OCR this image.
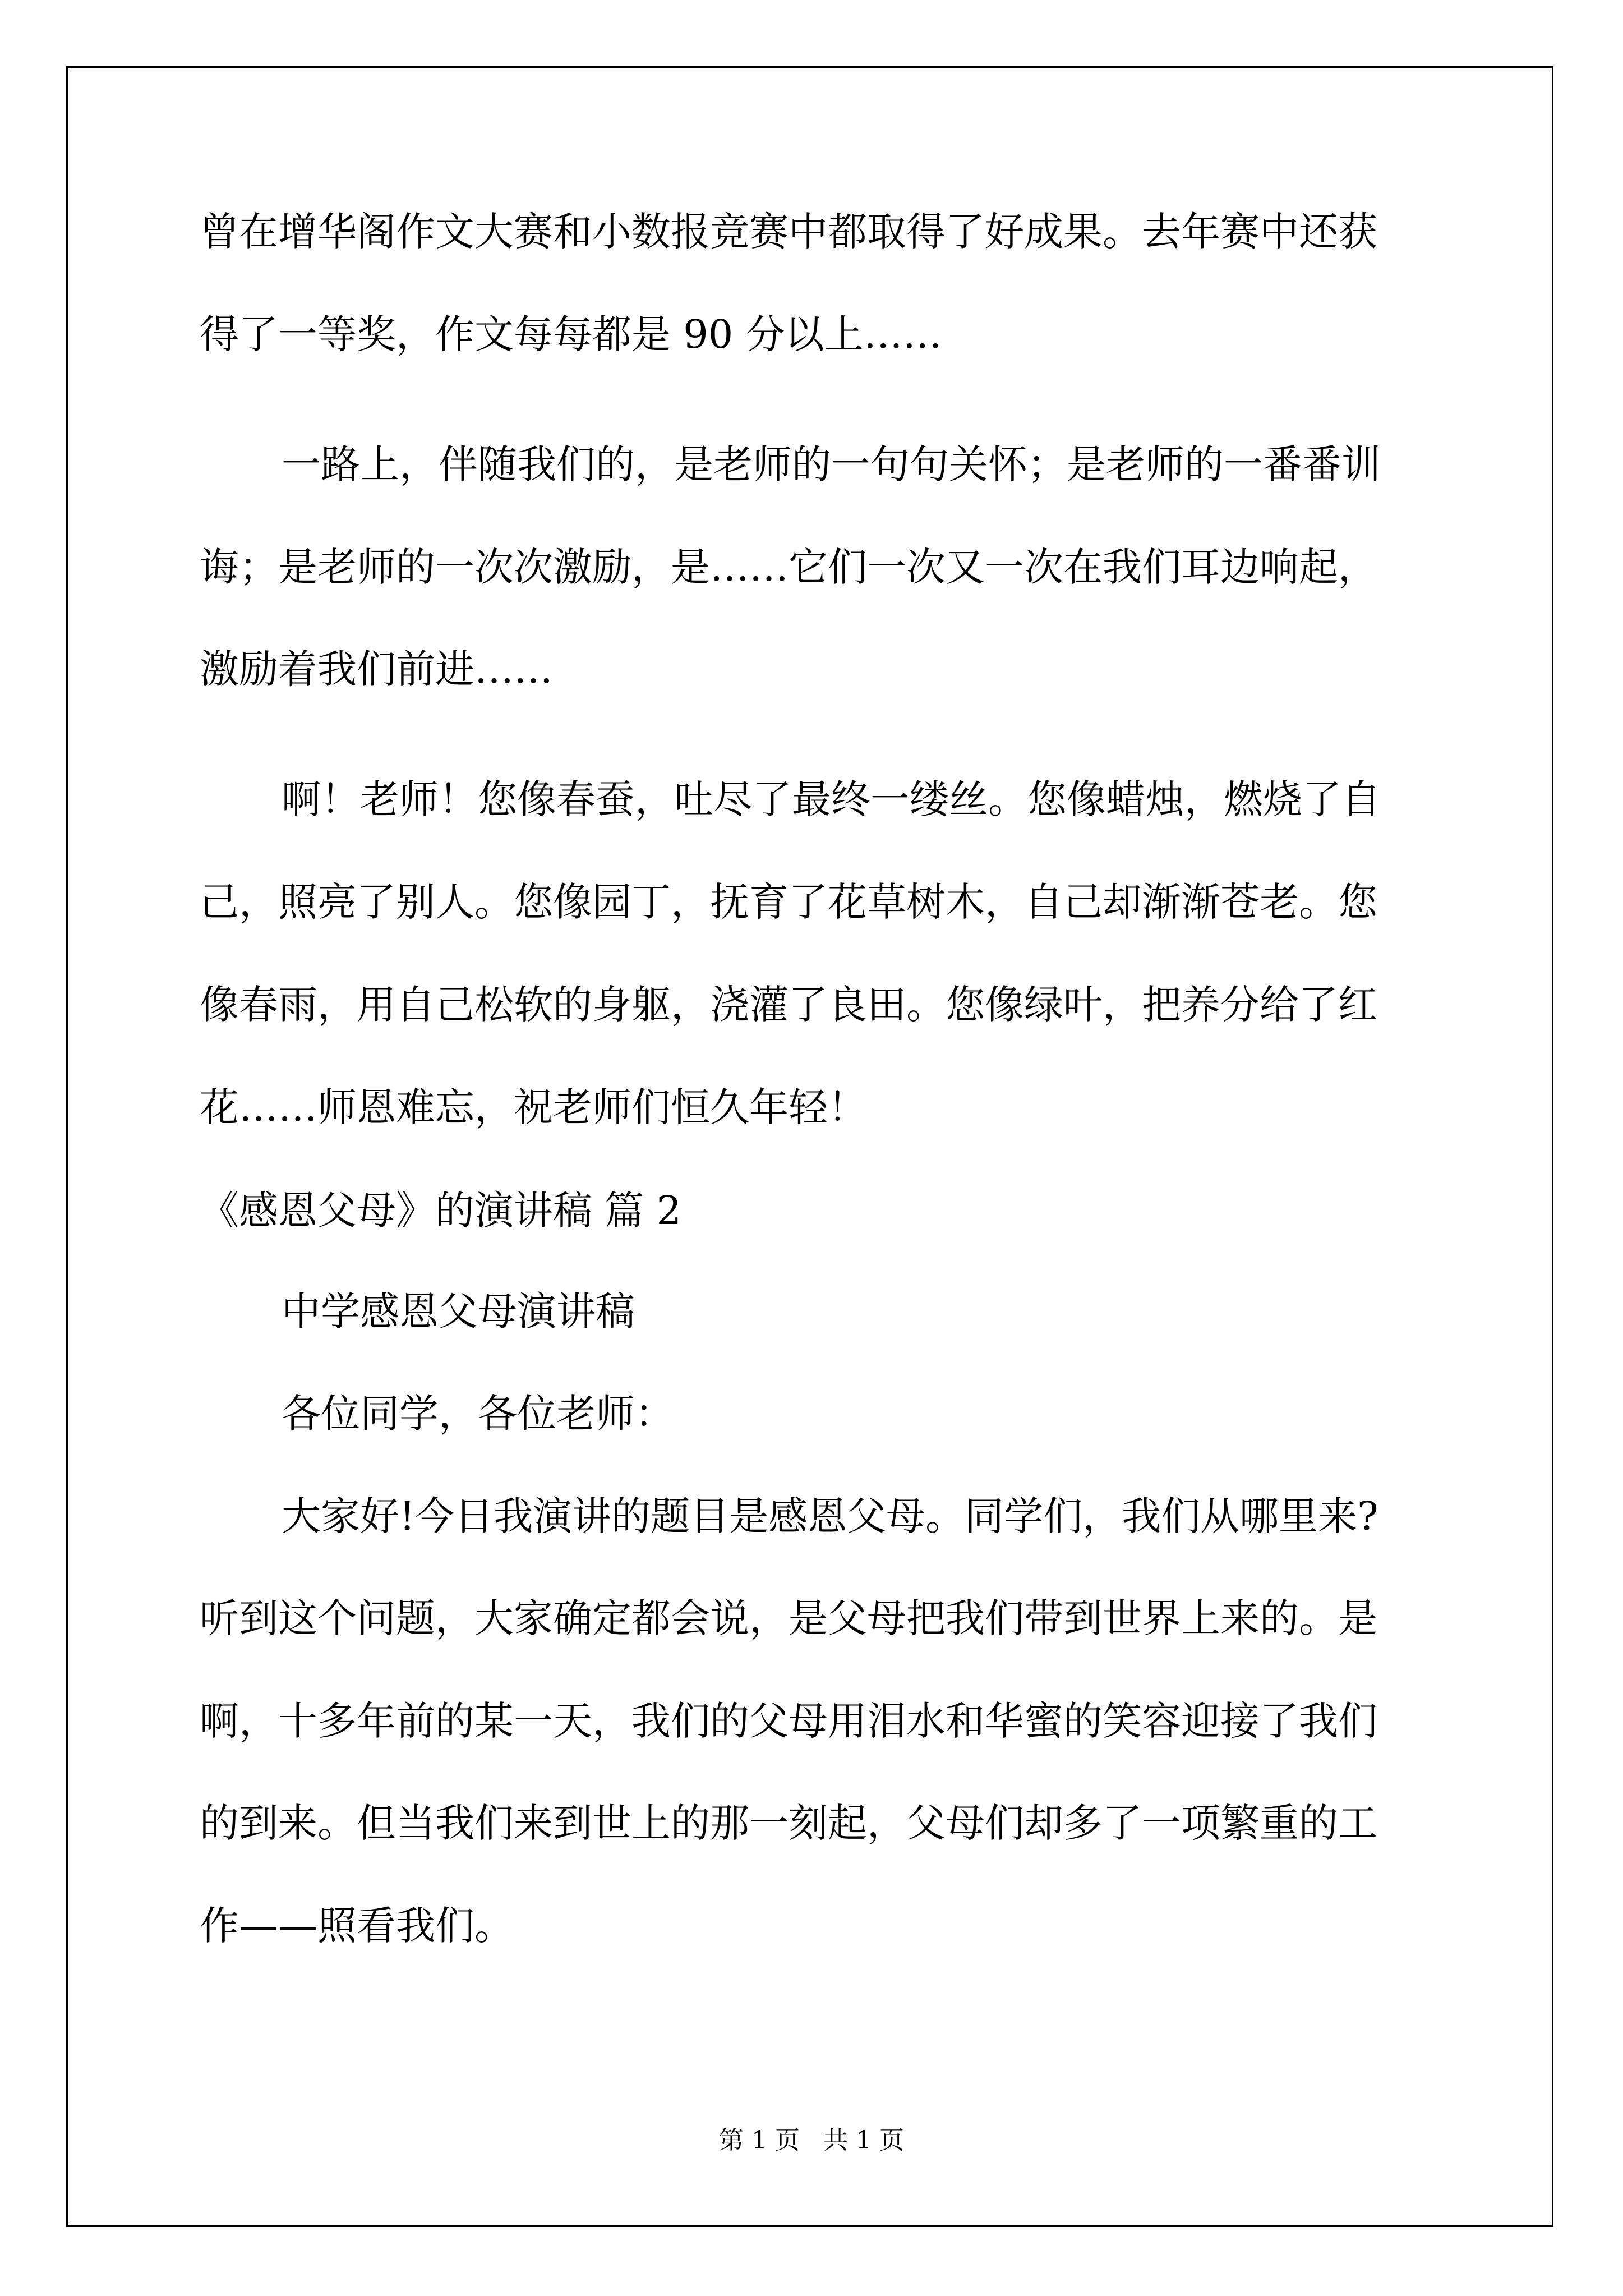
曾在增华阁作文大赛和小数报竞赛中都取得了好成果。去年赛中还获
得了一等奖，作文每每都是 90 分以上……
一路上，伴随我们的，是老师的一句句关怀；是老师的一番番训
诲；是老师的一次次激励，是……它们一次又一次在我们耳边响起，
激励着我们前进……
啊！老师！您像春蚕，吐尽了最终一缕丝。您像蜡烛，燃烧了自
己，照亮了别人。您像园丁，抚育了花草树木，自己却渐渐苍老。您
像春雨，用自己松软的身躯，浇灌了良田。您像绿叶，把养分给了红
花……师恩难忘，祝老师们恒久年轻！
《感恩父母》的演讲稿 篇 2
中学感恩父母演讲稿
各位同学，各位老师：
大家好!今日我演讲的题目是感恩父母。同学们，我们从哪里来?
听到这个问题，大家确定都会说，是父母把我们带到世界上来的。是
啊，十多年前的某一天，我们的父母用泪水和华蜜的笑容迎接了我们
的到来。但当我们来到世上的那一刻起，父母们却多了一项繁重的工
作——照看我们。
第 1 页   共 1 页
